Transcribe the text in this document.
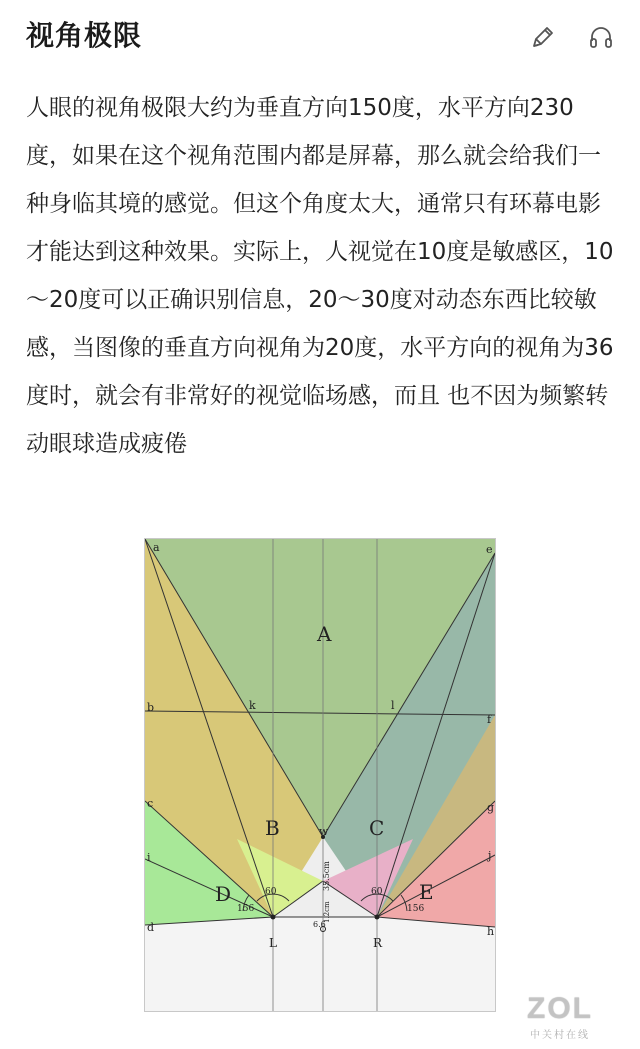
视角极限

人眼的视角极限大约为垂直方向150度，水平方向230度，如果在这个视角范围内都是屏幕，那么就会给我们一种身临其境的感觉。但这个角度太大，通常只有环幕电影才能达到这种效果。实际上，人视觉在10度是敏感区，10 ～20度可以正确识别信息，20～30度对动态东西比较敏感，当图像的垂直方向视角为20度，水平方向的视角为36度时，就会有非常好的视觉临场感，而且 也不因为频繁转动眼球造成疲倦

A
B	C
D	E
a
b
c
i
d
e
f
g
j
h
k	l
w
L	R
60
156
60
156
35.5cm
1.2cm
6.6
ZOL
中关村在线
